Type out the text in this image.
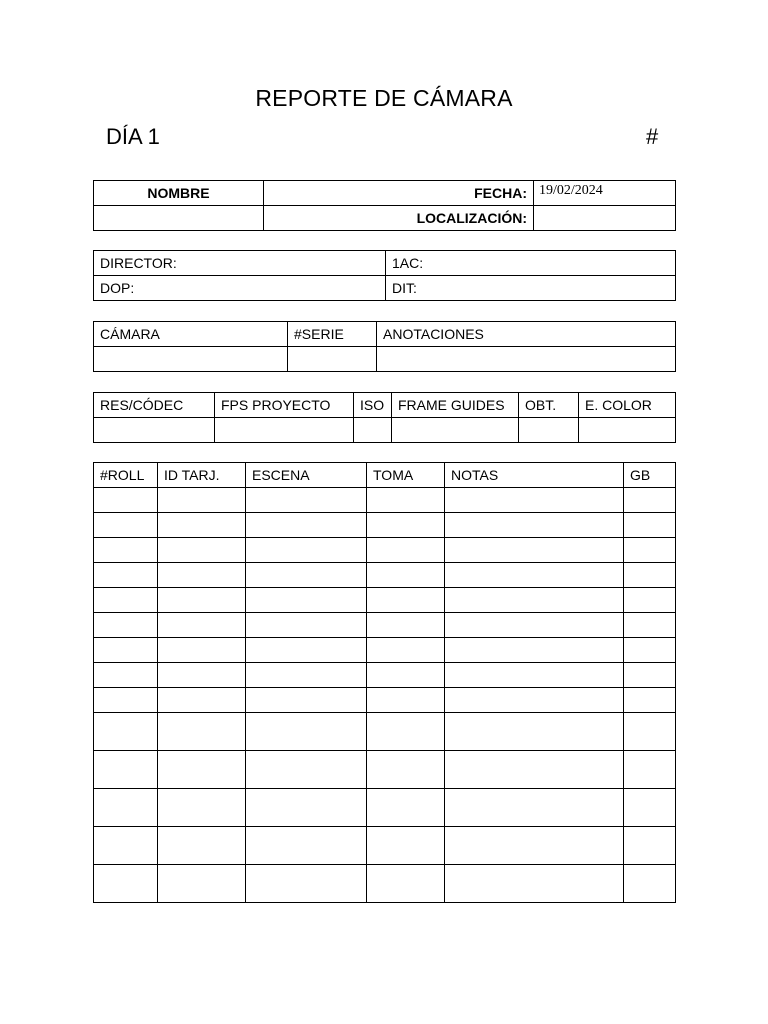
REPORTE DE CÁMARA
DÍA 1	#
NOMBRE	FECHA:	19/02/2024
	LOCALIZACIÓN:	
DIRECTOR:	1AC:
DOP:	DIT:
CÁMARA	#SERIE	ANOTACIONES

RES/CÓDEC	FPS PROYECTO	ISO	FRAME GUIDES	OBT.	E. COLOR

#ROLL	ID TARJ.	ESCENA	TOMA	NOTAS	GB
